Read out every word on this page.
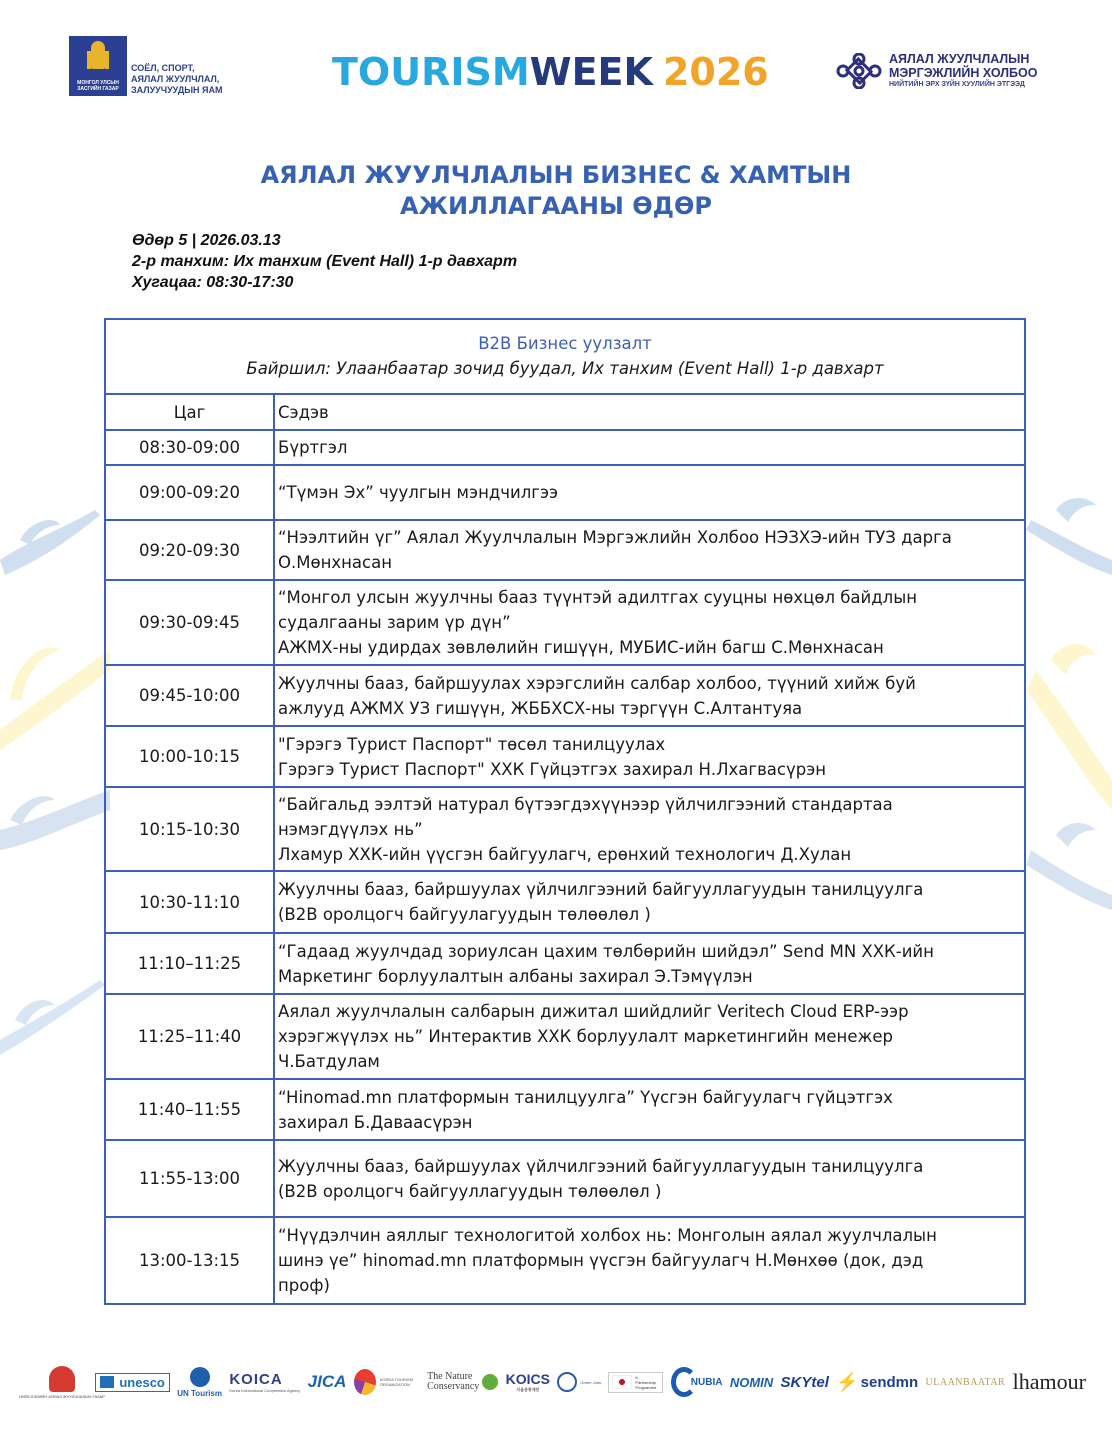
МОНГОЛ УЛСЫН ЗАСГИЙН ГАЗАР
СОЁЛ, СПОРТ,
АЯЛАЛ ЖУУЛЧЛАЛ,
ЗАЛУУЧУУДЫН ЯАМ	TOURISMWEEK 2026	АЯЛАЛ ЖУУЛЧЛАЛЫН
МЭРГЭЖЛИЙН ХОЛБОО
НИЙТИЙН ЭРХ ЗҮЙН ХУУЛИЙН ЭТГЭЭД
АЯЛАЛ ЖУУЛЧЛАЛЫН БИЗНЕС & ХАМТЫН
АЖИЛЛАГААНЫ ӨДӨР
Өдөр 5 | 2026.03.13
2-р танхим: Их танхим (Event Hall) 1-р давхарт
Хугацаа: 08:30-17:30
B2B Бизнес уулзалт
Байршил: Улаанбаатар зочид буудал, Их танхим (Event Hall) 1-р давхарт	

Цаг	Сэдэв
08:30-09:00	Бүртгэл

09:00-09:20	“Түмэн Эх” чуулгын мэндчилгээ

09:20-09:30	“Нээлтийн үг” Аялал Жуулчлалын Мэргэжлийн Холбоо НЭЗХЭ-ийн ТУЗ дарга
О.Мөнхнасан

09:30-09:45	“Монгол улсын жуулчны бааз түүнтэй адилтгах сууцны нөхцөл байдлын
судалгааны зарим үр дүн”
АЖМХ-ны удирдах зөвлөлийн гишүүн, МУБИС-ийн багш С.Мөнхнасан

09:45-10:00	Жуулчны бааз, байршуулах хэрэгслийн салбар холбоо, түүний хийж буй
ажлууд АЖМХ УЗ гишүүн, ЖББХСХ-ны тэргүүн С.Алтантуяа

10:00-10:15	"Гэрэгэ Турист Паспорт" төсөл танилцуулах
Гэрэгэ Турист Паспорт" ХХК Гүйцэтгэх захирал Н.Лхагвасүрэн

10:15-10:30	“Байгальд ээлтэй натурал бүтээгдэхүүнээр үйлчилгээний стандартаа
нэмэгдүүлэх нь”
Лхамур ХХК-ийн үүсгэн байгуулагч, ерөнхий технологич Д.Хулан

10:30-11:10	Жуулчны бааз, байршуулах үйлчилгээний байгууллагуудын танилцуулга
(B2B оролцогч байгуулагуудын төлөөлөл )

11:10–11:25	“Гадаад жуулчдад зориулсан цахим төлбөрийн шийдэл” Send MN ХХК-ийн
Маркетинг борлуулалтын албаны захирал Э.Тэмүүлэн

11:25–11:40	Аялал жуулчлалын салбарын дижитал шийдлийг Veritech Cloud ERP-ээр
хэрэгжүүлэх нь” Интерактив ХХК борлуулалт маркетингийн менежер
Ч.Батдулам

11:40–11:55	“Hinomad.mn платформын танилцуулга” Үүсгэн байгуулагч гүйцэтгэх
захирал Б.Даваасүрэн

11:55-13:00	Жуулчны бааз, байршуулах үйлчилгээний байгууллагуудын танилцуулга
(B2B оролцогч байгууллагуудын төлөөлөл )

13:00-13:15	“Нүүдэлчин аяллыг технологитой холбох нь: Монголын аялал жуулчлалын
шинэ үе” hinomad.mn платформын үүсгэн байгуулагч Н.Мөнхөө (док, дэд
проф)
НИЙСЛЭЛИЙН АЯЛАЛ ЖУУЛЧЛАЛЫН ГАЗАР
unesco
UN Tourism
KOICA
Korea International Cooperation Agency JICA	KOREA TOURISM ORGANIZATION
The Nature
Conservancy KOICS
서울관광재단
Green Jobs
K-Partnership Programme	NUBIA NOMIN SKYtel ⚡ sendmn ULAANBAATAR lhamour
